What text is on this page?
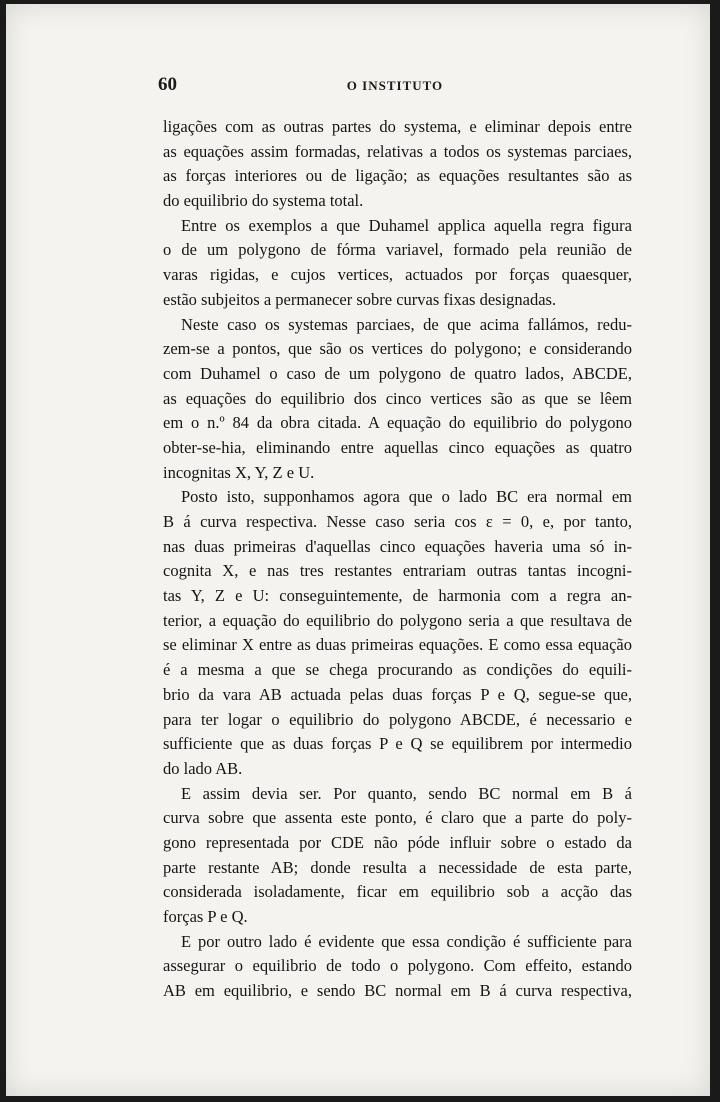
60	O INSTITUTO
ligações com as outras partes do systema, e eliminar depois entre
as equações assim formadas, relativas a todos os systemas parciaes,
as forças interiores ou de ligação; as equações resultantes são as
do equilibrio do systema total.
Entre os exemplos a que Duhamel applica aquella regra figura
o de um polygono de fórma variavel, formado pela reunião de
varas rigidas, e cujos vertices, actuados por forças quaesquer,
estão subjeitos a permanecer sobre curvas fixas designadas.
Neste caso os systemas parciaes, de que acima fallámos, redu-
zem-se a pontos, que são os vertices do polygono; e considerando
com Duhamel o caso de um polygono de quatro lados, ABCDE,
as equações do equilibrio dos cinco vertices são as que se lêem
em o n.º 84 da obra citada. A equação do equilibrio do polygono
obter-se-hia, eliminando entre aquellas cinco equações as quatro
incognitas X, Y, Z e U.
Posto isto, supponhamos agora que o lado BC era normal em
B á curva respectiva. Nesse caso seria cos ε = 0, e, por tanto,
nas duas primeiras d'aquellas cinco equações haveria uma só in-
cognita X, e nas tres restantes entrariam outras tantas incogni-
tas Y, Z e U: conseguintemente, de harmonia com a regra an-
terior, a equação do equilibrio do polygono seria a que resultava de
se eliminar X entre as duas primeiras equações. E como essa equação
é a mesma a que se chega procurando as condições do equili-
brio da vara AB actuada pelas duas forças P e Q, segue-se que,
para ter logar o equilibrio do polygono ABCDE, é necessario e
sufficiente que as duas forças P e Q se equilibrem por intermedio
do lado AB.
E assim devia ser. Por quanto, sendo BC normal em B á
curva sobre que assenta este ponto, é claro que a parte do poly-
gono representada por CDE não póde influir sobre o estado da
parte restante AB; donde resulta a necessidade de esta parte,
considerada isoladamente, ficar em equilibrio sob a acção das
forças P e Q.
E por outro lado é evidente que essa condição é sufficiente para
assegurar o equilibrio de todo o polygono. Com effeito, estando
AB em equilibrio, e sendo BC normal em B á curva respectiva,
